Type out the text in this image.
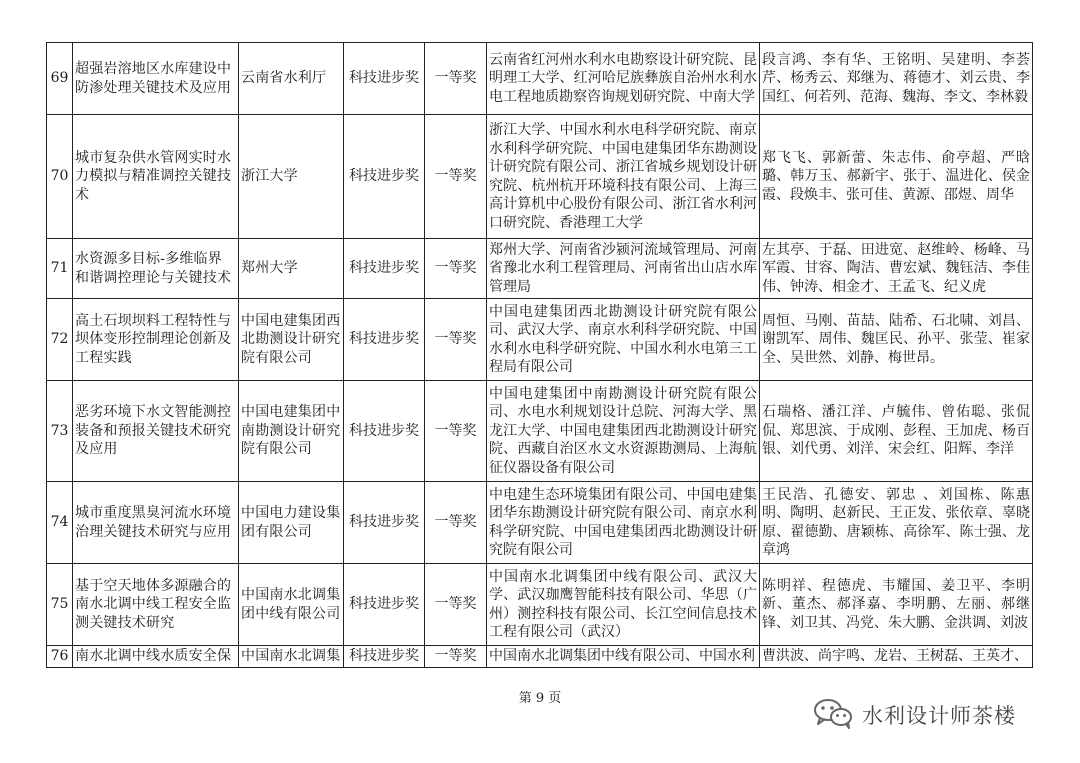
69	超强岩溶地区水库建设中防渗处理关键技术及应用	云南省水利厅	科技进步奖	一等奖	云南省红河州水利水电勘察设计研究院、昆明理工大学、红河哈尼族彝族自治州水利水电工程地质勘察咨询规划研究院、中南大学	段言鸿、李有华、王铭明、吴建明、李荟芹、杨秀云、郑继为、蒋德才、刘云贵、李国红、何若列、范海、魏海、李文、李林毅
70	城市复杂供水管网实时水力模拟与精准调控关键技术	浙江大学	科技进步奖	一等奖	浙江大学、中国水利水电科学研究院、南京水利科学研究院、中国电建集团华东勘测设计研究院有限公司、浙江省城乡规划设计研究院、杭州杭开环境科技有限公司、上海三高计算机中心股份有限公司、浙江省水利河口研究院、香港理工大学	郑飞飞、郭新蕾、朱志伟、俞亭超、严晗璐、韩万玉、郝新宇、张于、温进化、侯金霞、段焕丰、张可佳、黄源、邵煜、周华
71	水资源多目标-多维临界和谐调控理论与关键技术	郑州大学	科技进步奖	一等奖	郑州大学、河南省沙颍河流域管理局、河南省豫北水利工程管理局、河南省出山店水库管理局	左其亭、于磊、田进宽、赵维岭、杨峰、马军霞、甘容、陶洁、曹宏斌、魏钰洁、李佳伟、钟涛、相金才、王孟飞、纪义虎
72	高土石坝坝料工程特性与坝体变形控制理论创新及工程实践	中国电建集团西北勘测设计研究院有限公司	科技进步奖	一等奖	中国电建集团西北勘测设计研究院有限公司、武汉大学、南京水利科学研究院、中国水利水电科学研究院、中国水利水电第三工程局有限公司	周恒、马刚、苗喆、陆希、石北啸、刘昌、谢凯军、周伟、魏匡民、孙平、张莹、崔家全、吴世然、刘静、梅世昂。
73	恶劣环境下水文智能测控装备和预报关键技术研究及应用	中国电建集团中南勘测设计研究院有限公司	科技进步奖	一等奖	中国电建集团中南勘测设计研究院有限公司、水电水利规划设计总院、河海大学、黑龙江大学、中国电建集团西北勘测设计研究院、西藏自治区水文水资源勘测局、上海航征仪器设备有限公司	石瑞格、潘江洋、卢毓伟、曾佑聪、张侃侃、郑思滨、于成刚、彭程、王加虎、杨百银、刘代勇、刘洋、宋会红、阳辉、李洋
74	城市重度黑臭河流水环境治理关键技术研究与应用	中国电力建设集团有限公司	科技进步奖	一等奖	中电建生态环境集团有限公司、中国电建集团华东勘测设计研究院有限公司、南京水利科学研究院、中国电建集团西北勘测设计研究院有限公司	王民浩、孔德安、郭忠 、刘国栋、陈惠明、陶明、赵新民、王正发、张依章、辜晓原、翟德勤、唐颖栋、高徐军、陈士强、龙章鸿
75	基于空天地体多源融合的南水北调中线工程安全监测关键技术研究	中国南水北调集团中线有限公司	科技进步奖	一等奖	中国南水北调集团中线有限公司、武汉大学、武汉珈鹰智能科技有限公司、华思（广州）测控科技有限公司、长江空间信息技术工程有限公司（武汉）	陈明祥、程德虎、韦耀国、姜卫平、李明新、董杰、郝泽嘉、李明鹏、左丽、郝继锋、刘卫其、冯党、朱大鹏、金洪调、刘波
76	南水北调中线水质安全保	中国南水北调集	科技进步奖	一等奖	中国南水北调集团中线有限公司、中国水利	曹洪波、尚宇鸣、龙岩、王树磊、王英才、
第 9 页
水利设计师茶楼
